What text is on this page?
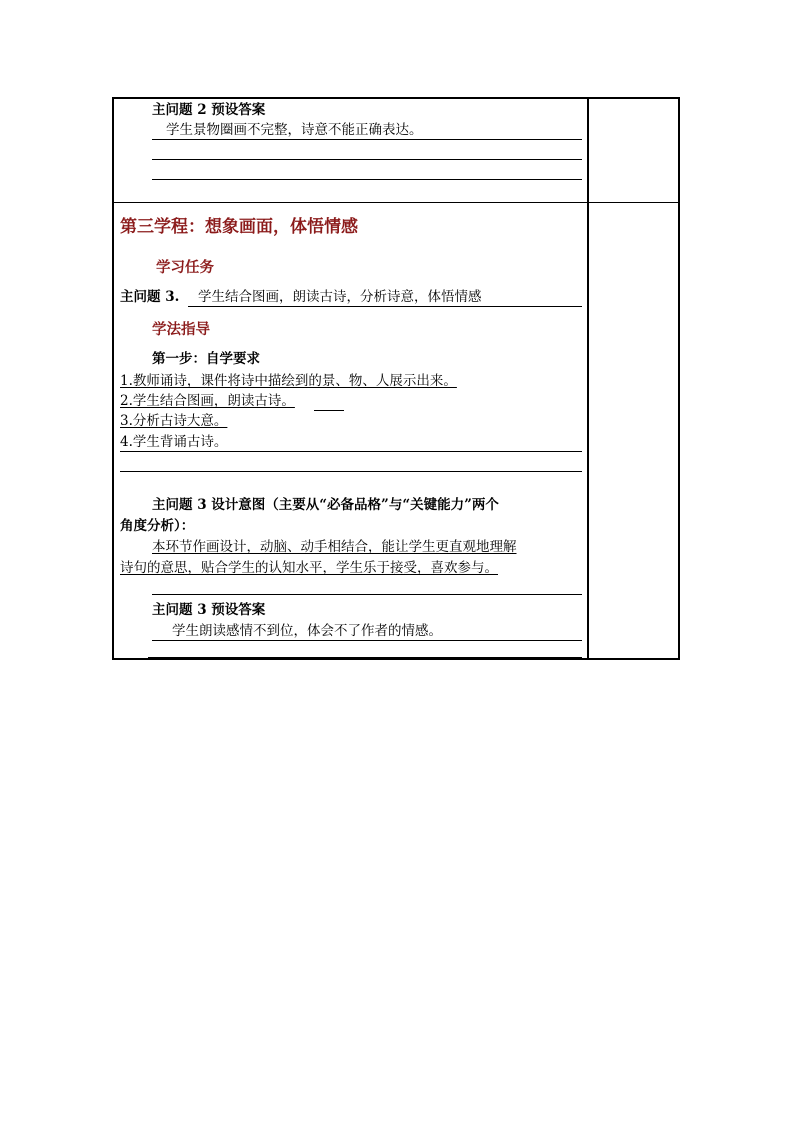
主问题 2 预设答案
学生景物圈画不完整，诗意不能正确表达。
第三学程：想象画面，体悟情感
学习任务
主问题 3. 学生结合图画，朗读古诗，分析诗意，体悟情感
学法指导
第一步：自学要求
1.教师诵诗，课件将诗中描绘到的景、物、人展示出来。
2.学生结合图画，朗读古诗。
3.分析古诗大意。
4.学生背诵古诗。
主问题 3 设计意图（主要从“必备品格”与“关键能力”两个
角度分析）：
本环节作画设计，动脑、动手相结合，能让学生更直观地理解
诗句的意思，贴合学生的认知水平，学生乐于接受，喜欢参与。
主问题 3 预设答案
学生朗读感情不到位，体会不了作者的情感。
